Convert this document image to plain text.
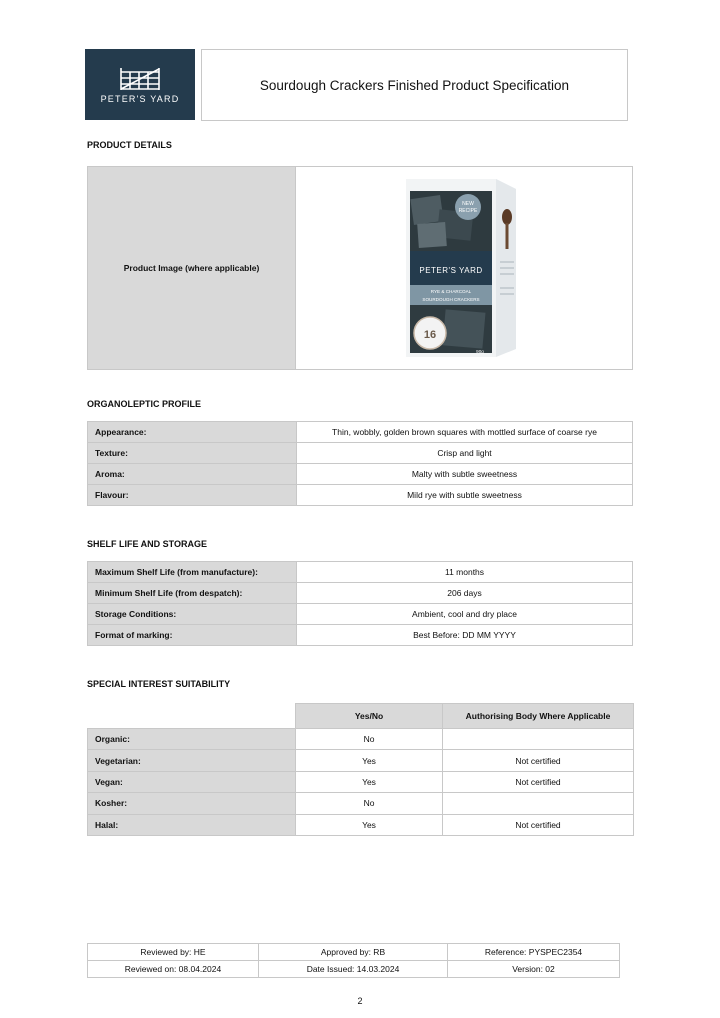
PETER'S YARD
Sourdough Crackers Finished Product Specification
PRODUCT DETAILS
Product Image (where applicable)
NEW
RECIPE
PETER'S YARD
RYE & CHARCOAL
SOURDOUGH CRACKERS
16
90g
ORGANOLEPTIC PROFILE
Appearance:	Thin, wobbly, golden brown squares with mottled surface of coarse rye
Texture:	Crisp and light
Aroma:	Malty with subtle sweetness
Flavour:	Mild rye with subtle sweetness
SHELF LIFE AND STORAGE
Maximum Shelf Life (from manufacture):	11 months
Minimum Shelf Life (from despatch):	206 days
Storage Conditions:	Ambient, cool and dry place
Format of marking:	Best Before: DD MM YYYY
SPECIAL INTEREST SUITABILITY
	Yes/No	Authorising Body Where Applicable
Organic:	No	
Vegetarian:	Yes	Not certified
Vegan:	Yes	Not certified
Kosher:	No	
Halal:	Yes	Not certified
Reviewed by: HE	Approved by: RB	Reference: PYSPEC2354
Reviewed on: 08.04.2024	Date Issued: 14.03.2024	Version: 02
2
